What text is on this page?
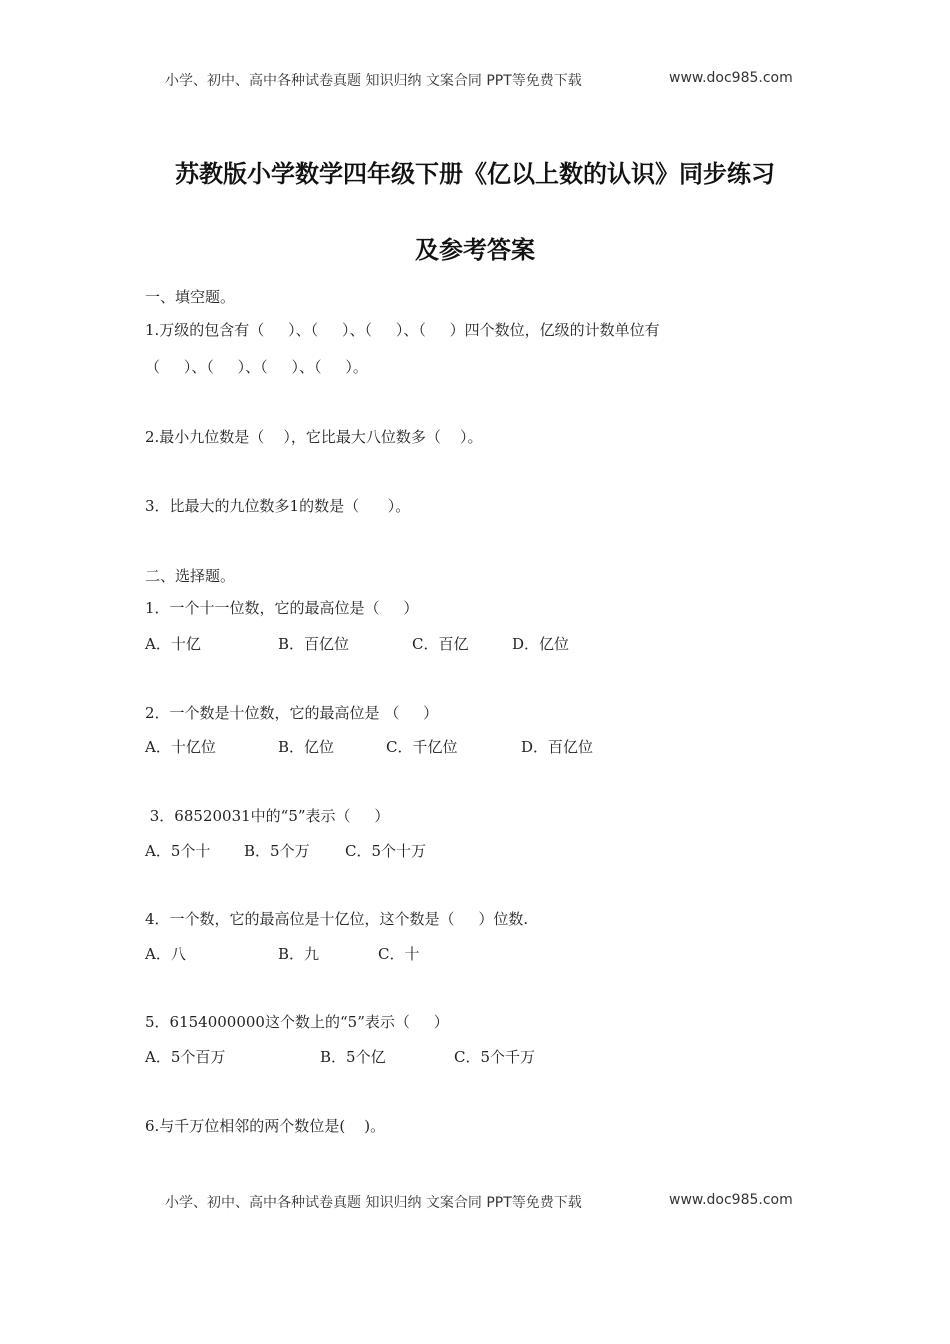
小学、初中、高中各种试卷真题 知识归纳 文案合同 PPT等免费下载	www.doc985.com
苏教版小学数学四年级下册《亿以上数的认识》同步练习
及参考答案
一、填空题。
1.万级的包含有（     ）、（     ）、（     ）、（     ）四个数位，亿级的计数单位有
（     ）、（     ）、（     ）、（     ）。
2.最小九位数是（    ），它比最大八位数多（    ）。
3．比最大的九位数多1的数是（      ）。
二、选择题。
1．一个十一位数，它的最高位是（     ）
A．十亿	B．百亿位	C．百亿	D．亿位
2．一个数是十位数，它的最高位是 （     ）
A．十亿位	B．亿位	C．千亿位	D．百亿位
3．68520031中的“5”表示（     ）
A．5个十 B．5个万 C．5个十万
4．一个数，它的最高位是十亿位，这个数是（     ）位数.
A．八	B．九	C．十
5．6154000000这个数上的“5”表示（     ）
A．5个百万	B．5个亿	C．5个千万
6.与千万位相邻的两个数位是(    )。
小学、初中、高中各种试卷真题 知识归纳 文案合同 PPT等免费下载	www.doc985.com
